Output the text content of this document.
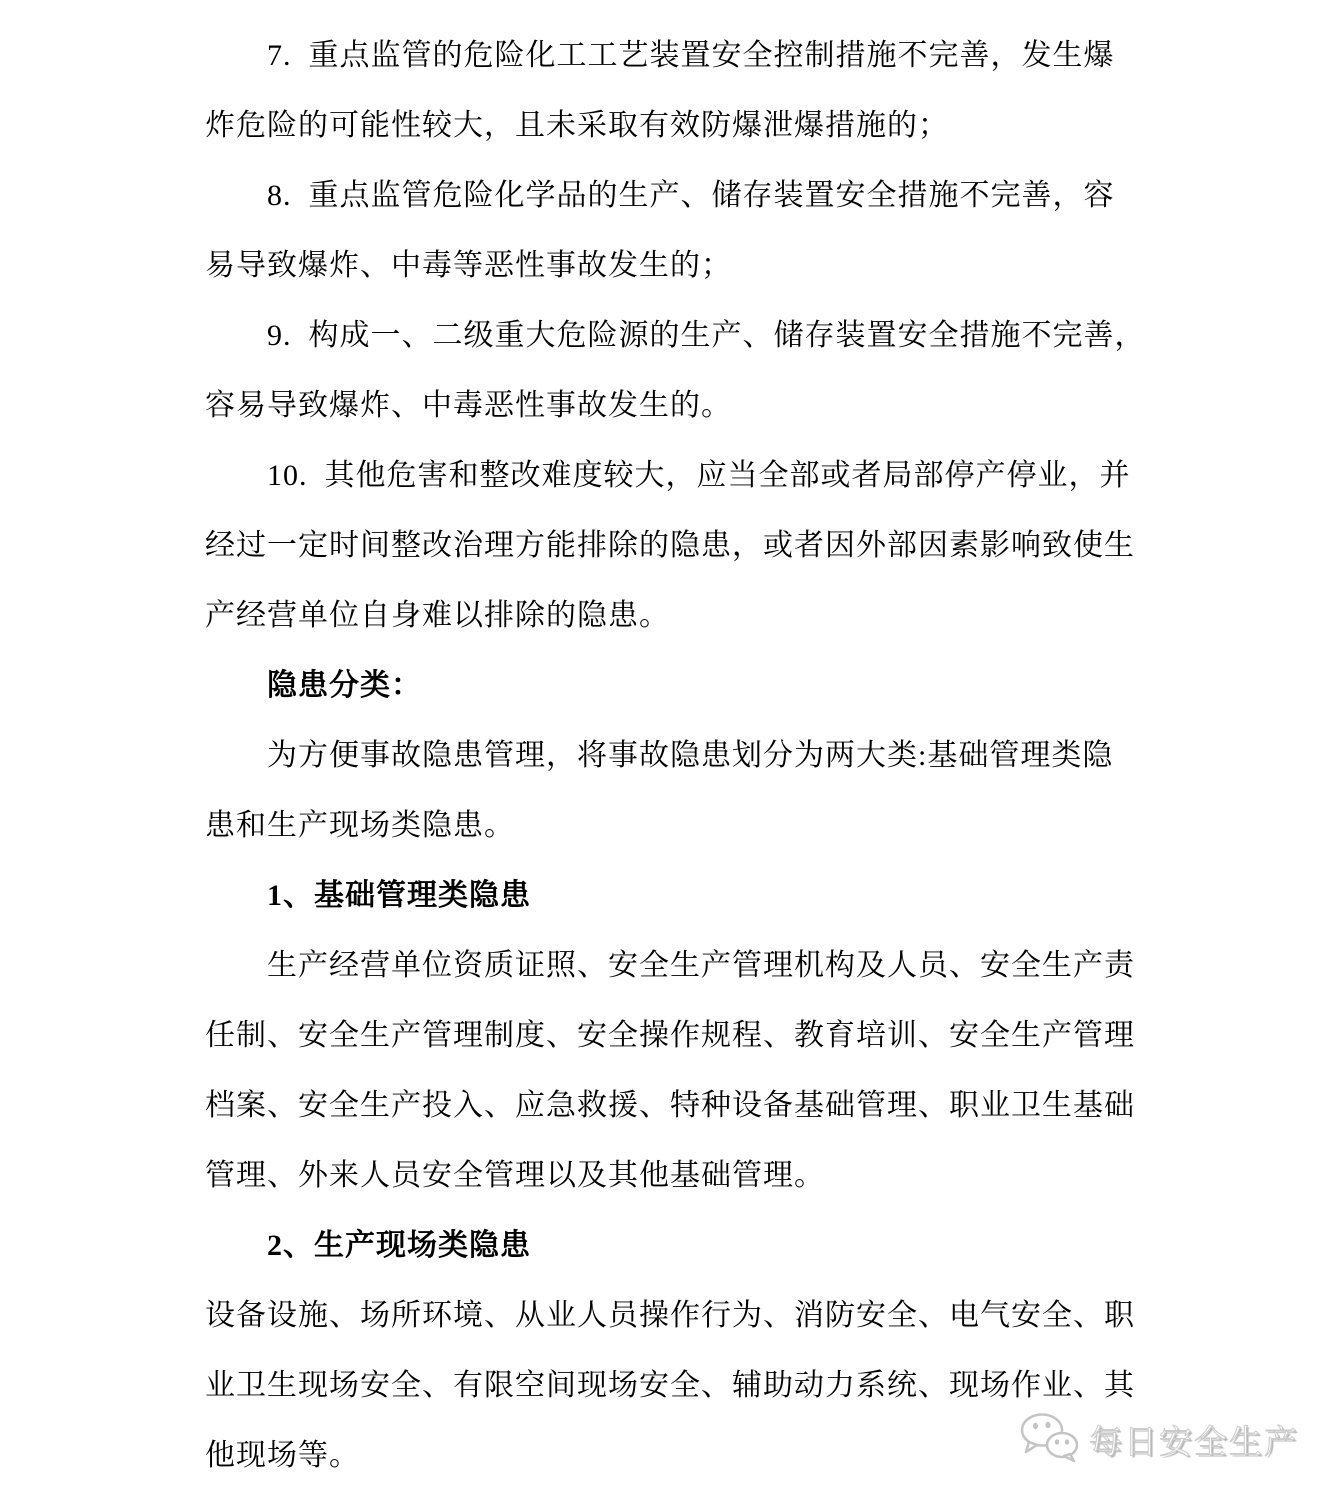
7.  重点监管的危险化工工艺装置安全控制措施不完善，发生爆
炸危险的可能性较大，且未采取有效防爆泄爆措施的；
8.  重点监管危险化学品的生产、储存装置安全措施不完善，容
易导致爆炸、中毒等恶性事故发生的；
9.  构成一、二级重大危险源的生产、储存装置安全措施不完善，
容易导致爆炸、中毒恶性事故发生的。
10.  其他危害和整改难度较大，应当全部或者局部停产停业，并
经过一定时间整改治理方能排除的隐患，或者因外部因素影响致使生
产经营单位自身难以排除的隐患。
隐患分类：
为方便事故隐患管理，将事故隐患划分为两大类:基础管理类隐
患和生产现场类隐患。
1、基础管理类隐患
生产经营单位资质证照、安全生产管理机构及人员、安全生产责
任制、安全生产管理制度、安全操作规程、教育培训、安全生产管理
档案、安全生产投入、应急救援、特种设备基础管理、职业卫生基础
管理、外来人员安全管理以及其他基础管理。
2、生产现场类隐患
设备设施、场所环境、从业人员操作行为、消防安全、电气安全、职
业卫生现场安全、有限空间现场安全、辅助动力系统、现场作业、其
他现场等。	每日安全生产
